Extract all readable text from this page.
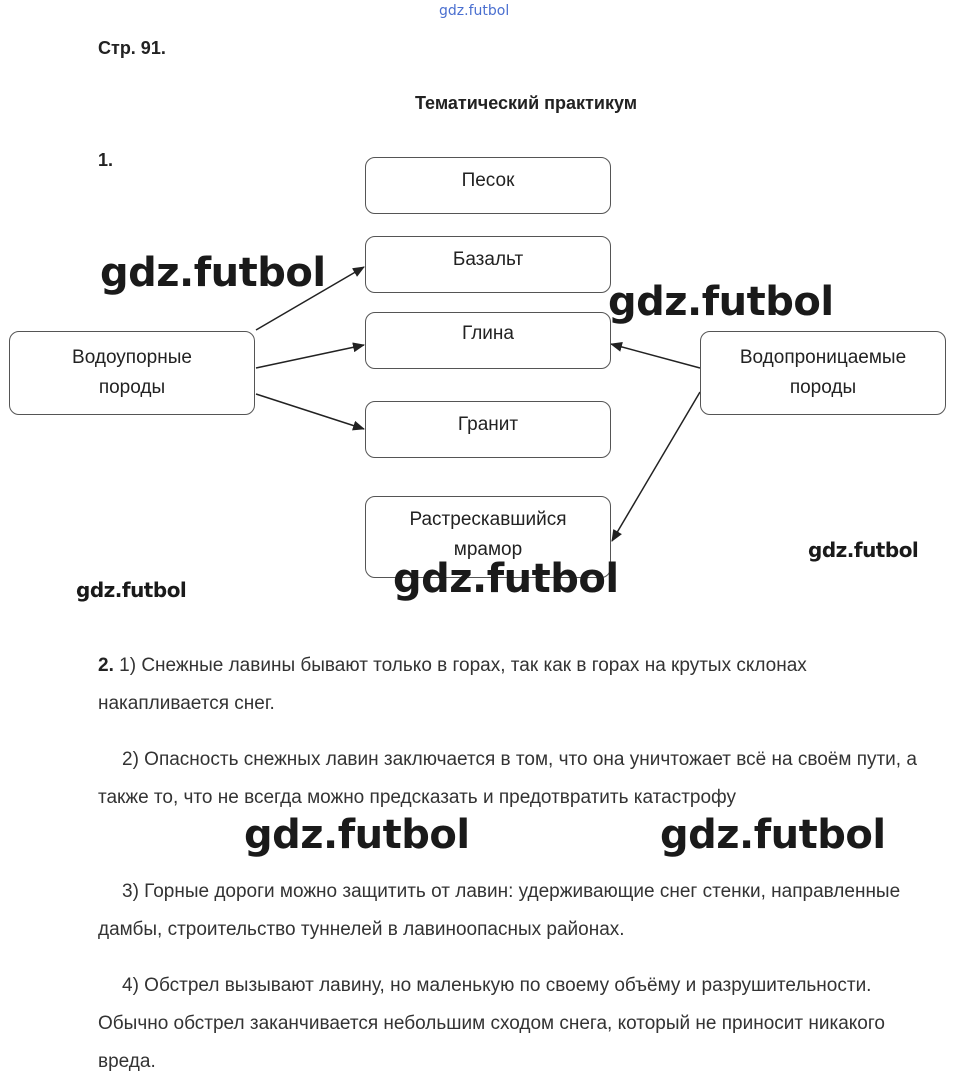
gdz.futbol
Стр. 91.
Тематический практикум
1.
Водоупорные
породы
Водопроницаемые
породы
Песок
Базальт
Глина
Гранит
Растрескавшийся
мрамор
gdz.futbol
gdz.futbol
gdz.futbol
gdz.futbol
gdz.futbol
2. 1) Снежные лавины бывают только в горах, так как в горах на крутых склонах накапливается снег.
2) Опасность снежных лавин заключается в том, что она уничтожает всё на своём пути, а также то, что не всегда можно предсказать и предотвратить катастрофу
3) Горные дороги можно защитить от лавин: удерживающие снег стенки, направленные дамбы, строительство туннелей в лавиноопасных районах.
4) Обстрел вызывают лавину, но маленькую по своему объёму и разрушительности. Обычно обстрел заканчивается небольшим сходом снега, который не приносит никакого вреда.
gdz.futbol	gdz.futbol
